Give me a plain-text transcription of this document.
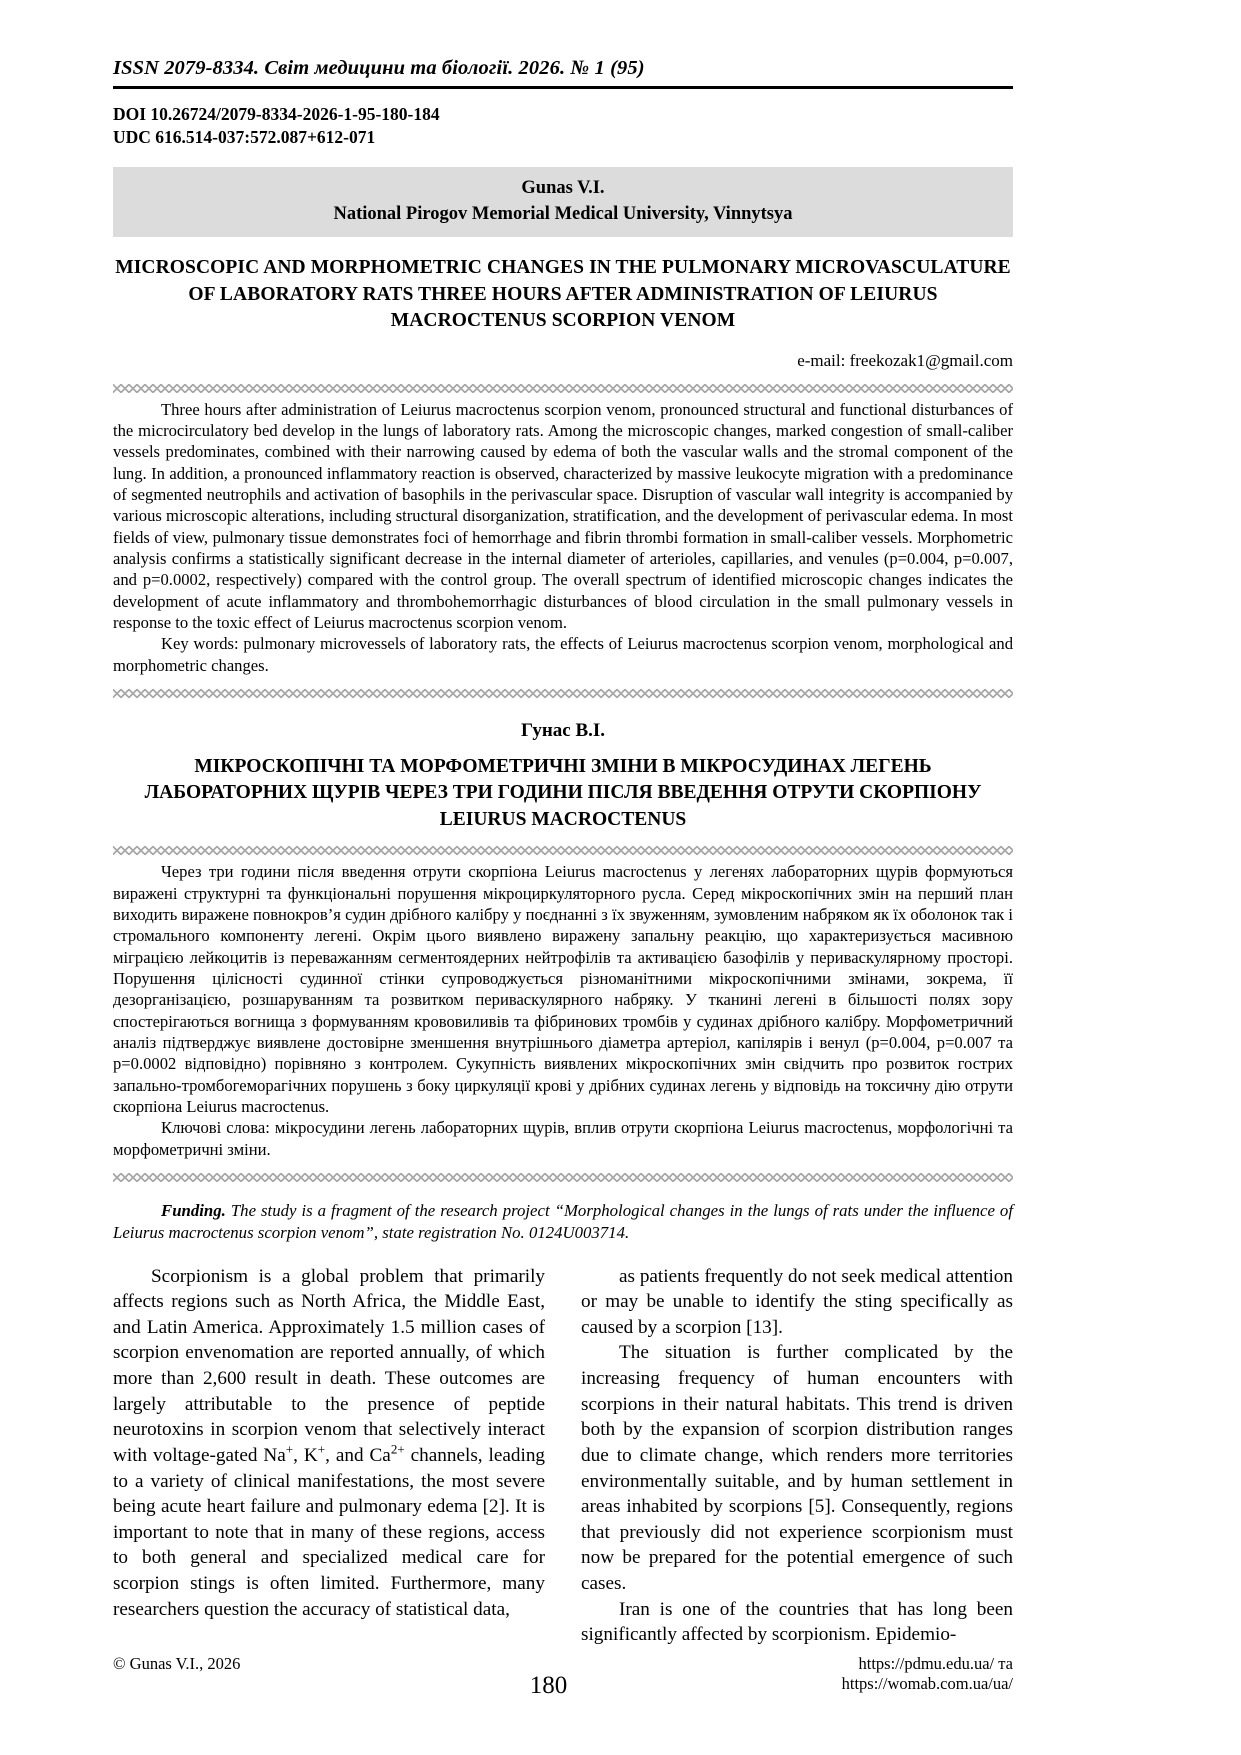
ISSN 2079-8334. Світ медицини та біології. 2026. № 1 (95)
DOI 10.26724/2079-8334-2026-1-95-180-184
UDC 616.514-037:572.087+612-071
Gunas V.I.
National Pirogov Memorial Medical University, Vinnytsya
MICROSCOPIC AND MORPHOMETRIC CHANGES IN THE PULMONARY MICROVASCULATURE OF LABORATORY RATS THREE HOURS AFTER ADMINISTRATION OF LEIURUS MACROCTENUS SCORPION VENOM
e-mail: freekozak1@gmail.com
Three hours after administration of Leiurus macroctenus scorpion venom, pronounced structural and functional disturbances of the microcirculatory bed develop in the lungs of laboratory rats. Among the microscopic changes, marked congestion of small-caliber vessels predominates, combined with their narrowing caused by edema of both the vascular walls and the stromal component of the lung. In addition, a pronounced inflammatory reaction is observed, characterized by massive leukocyte migration with a predominance of segmented neutrophils and activation of basophils in the perivascular space. Disruption of vascular wall integrity is accompanied by various microscopic alterations, including structural disorganization, stratification, and the development of perivascular edema. In most fields of view, pulmonary tissue demonstrates foci of hemorrhage and fibrin thrombi formation in small-caliber vessels. Morphometric analysis confirms a statistically significant decrease in the internal diameter of arterioles, capillaries, and venules (p=0.004, p=0.007, and p=0.0002, respectively) compared with the control group. The overall spectrum of identified microscopic changes indicates the development of acute inflammatory and thrombohemorrhagic disturbances of blood circulation in the small pulmonary vessels in response to the toxic effect of Leiurus macroctenus scorpion venom.
Key words: pulmonary microvessels of laboratory rats, the effects of Leiurus macroctenus scorpion venom, morphological and morphometric changes.
Гунас В.І.
МІКРОСКОПІЧНІ ТА МОРФОМЕТРИЧНІ ЗМІНИ В МІКРОСУДИНАХ ЛЕГЕНЬ ЛАБОРАТОРНИХ ЩУРІВ ЧЕРЕЗ ТРИ ГОДИНИ ПІСЛЯ ВВЕДЕННЯ ОТРУТИ СКОРПІОНУ LEIURUS MACROCTENUS
Через три години після введення отрути скорпіона Leiurus macroctenus у легенях лабораторних щурів формуються виражені структурні та функціональні порушення мікроциркуляторного русла. Серед мікроскопічних змін на перший план виходить виражене повнокров’я судин дрібного калібру у поєднанні з їх звуженням, зумовленим набряком як їх оболонок так і стромального компоненту легені. Окрім цього виявлено виражену запальну реакцію, що характеризується масивною міграцією лейкоцитів із переважанням сегментоядерних нейтрофілів та активацією базофілів у периваскулярному просторі. Порушення цілісності судинної стінки супроводжується різноманітними мікроскопічними змінами, зокрема, її дезорганізацією, розшаруванням та розвитком периваскулярного набряку. У тканині легені в більшості полях зору спостерігаються вогнища з формуванням крововиливів та фібринових тромбів у судинах дрібного калібру. Морфометричний аналіз підтверджує виявлене достовірне зменшення внутрішнього діаметра артеріол, капілярів і венул (р=0.004, р=0.007 та р=0.0002 відповідно) порівняно з контролем. Сукупність виявлених мікроскопічних змін свідчить про розвиток гострих запально-тромбогеморагічних порушень з боку циркуляції крові у дрібних судинах легень у відповідь на токсичну дію отрути скорпіона Leiurus macroctenus.
Ключові слова: мікросудини легень лабораторних щурів, вплив отрути скорпіона Leiurus macroctenus, морфологічні та морфометричні зміни.
Funding. The study is a fragment of the research project “Morphological changes in the lungs of rats under the influence of Leiurus macroctenus scorpion venom”, state registration No. 0124U003714.

Scorpionism is a global problem that primarily affects regions such as North Africa, the Middle East, and Latin America. Approximately 1.5 million cases of scorpion envenomation are reported annually, of which more than 2,600 result in death. These outcomes are largely attributable to the presence of peptide neurotoxins in scorpion venom that selectively interact with voltage-gated Na+, K+, and $Ca^{2+}$ channels, leading to a variety of clinical manifestations, the most severe being acute heart failure and pulmonary edema [2]. It is important to note that in many of these regions, access to both general and specialized medical care for scorpion stings is often limited. Furthermore, many researchers question the accuracy of statistical data,

as patients frequently do not seek medical attention or may be unable to identify the sting specifically as caused by a scorpion [13].

The situation is further complicated by the increasing frequency of human encounters with scorpions in their natural habitats. This trend is driven both by the expansion of scorpion distribution ranges due to climate change, which renders more territories environmentally suitable, and by human settlement in areas inhabited by scorpions [5]. Consequently, regions that previously did not experience scorpionism must now be prepared for the potential emergence of such cases.

Iran is one of the countries that has long been significantly affected by scorpionism. Epidemio-

© Gunas V.I., 2026
180
https://pdmu.edu.ua/ та https://womab.com.ua/ua/
